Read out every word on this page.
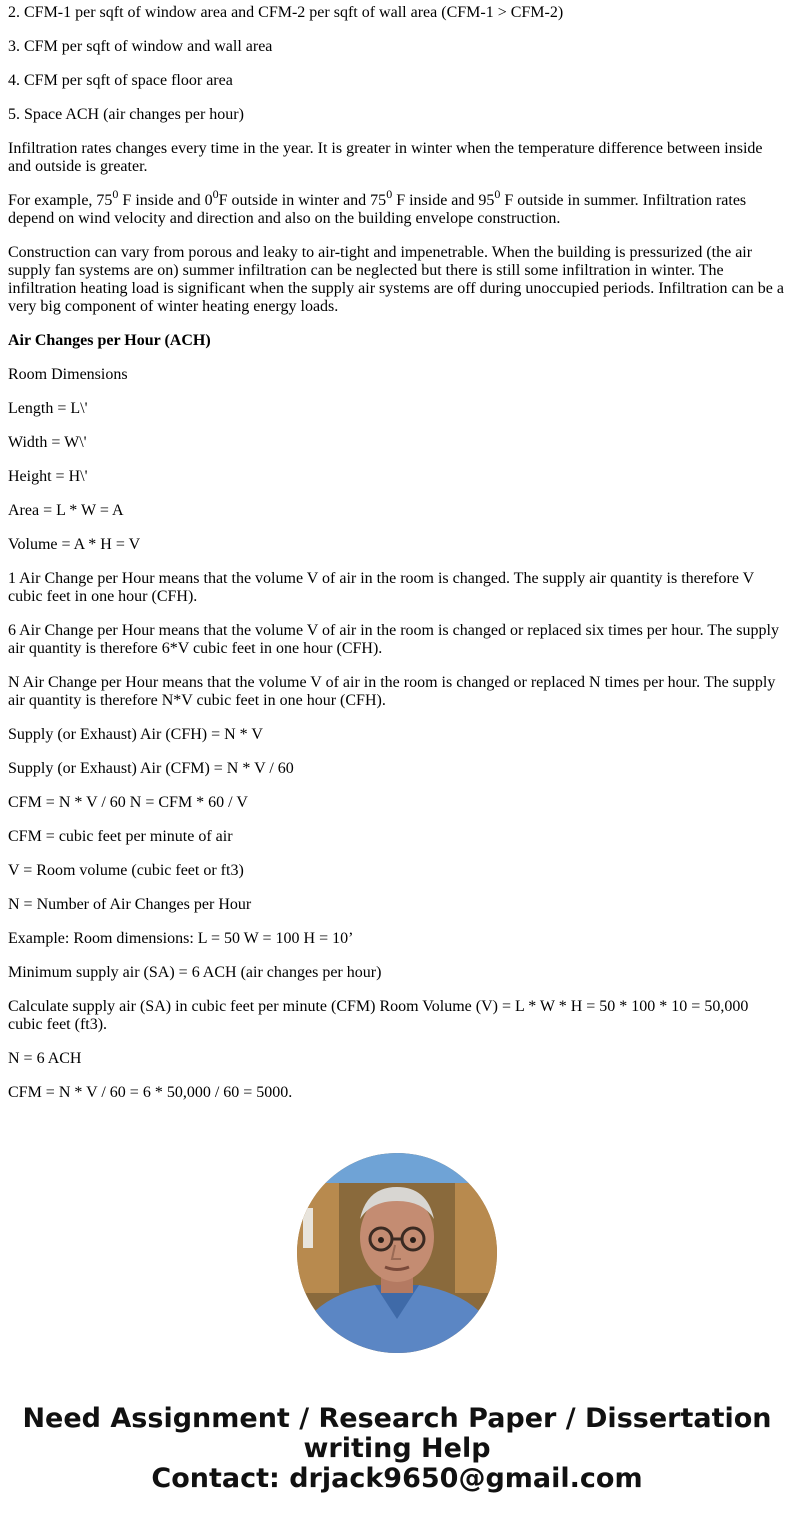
2. CFM-1 per sqft of window area and CFM-2 per sqft of wall area (CFM-1 > CFM-2)

3. CFM per sqft of window and wall area

4. CFM per sqft of space floor area

5. Space ACH (air changes per hour)

Infiltration rates changes every time in the year. It is greater in winter when the temperature difference between inside and outside is greater.

For example, $75^0$ F inside and $0^0F$ outside in winter and $75^0$ F inside and $95^0$ F outside in summer. Infiltration rates depend on wind velocity and direction and also on the building envelope construction.

Construction can vary from porous and leaky to air-tight and impenetrable. When the building is pressurized (the air supply fan systems are on) summer infiltration can be neglected but there is still some infiltration in winter. The infiltration heating load is significant when the supply air systems are off during unoccupied periods. Infiltration can be a very big component of winter heating energy loads.

Air Changes per Hour (ACH)

Room Dimensions

Length = L\'

Width = W\'

Height = H\'

Area = L * W = A

Volume = A * H = V

1 Air Change per Hour means that the volume V of air in the room is changed. The supply air quantity is therefore V cubic feet in one hour (CFH).

6 Air Change per Hour means that the volume V of air in the room is changed or replaced six times per hour. The supply air quantity is therefore 6*V cubic feet in one hour (CFH).

N Air Change per Hour means that the volume V of air in the room is changed or replaced N times per hour. The supply air quantity is therefore N*V cubic feet in one hour (CFH).

Supply (or Exhaust) Air (CFH) = N * V

Supply (or Exhaust) Air (CFM) = N * V / 60

CFM = N * V / 60 N = CFM * 60 / V

CFM = cubic feet per minute of air

V = Room volume (cubic feet or ft3)

N = Number of Air Changes per Hour

Example: Room dimensions: L = 50 W = 100 H = 10’

Minimum supply air (SA) = 6 ACH (air changes per hour)

Calculate supply air (SA) in cubic feet per minute (CFM) Room Volume (V) = L * W * H = 50 * 100 * 10 = 50,000 cubic feet (ft3).

N = 6 ACH

CFM = N * V / 60 = 6 * 50,000 / 60 = 5000.

Need Assignment / Research Paper / Dissertation
writing Help
Contact: drjack9650@gmail.com
